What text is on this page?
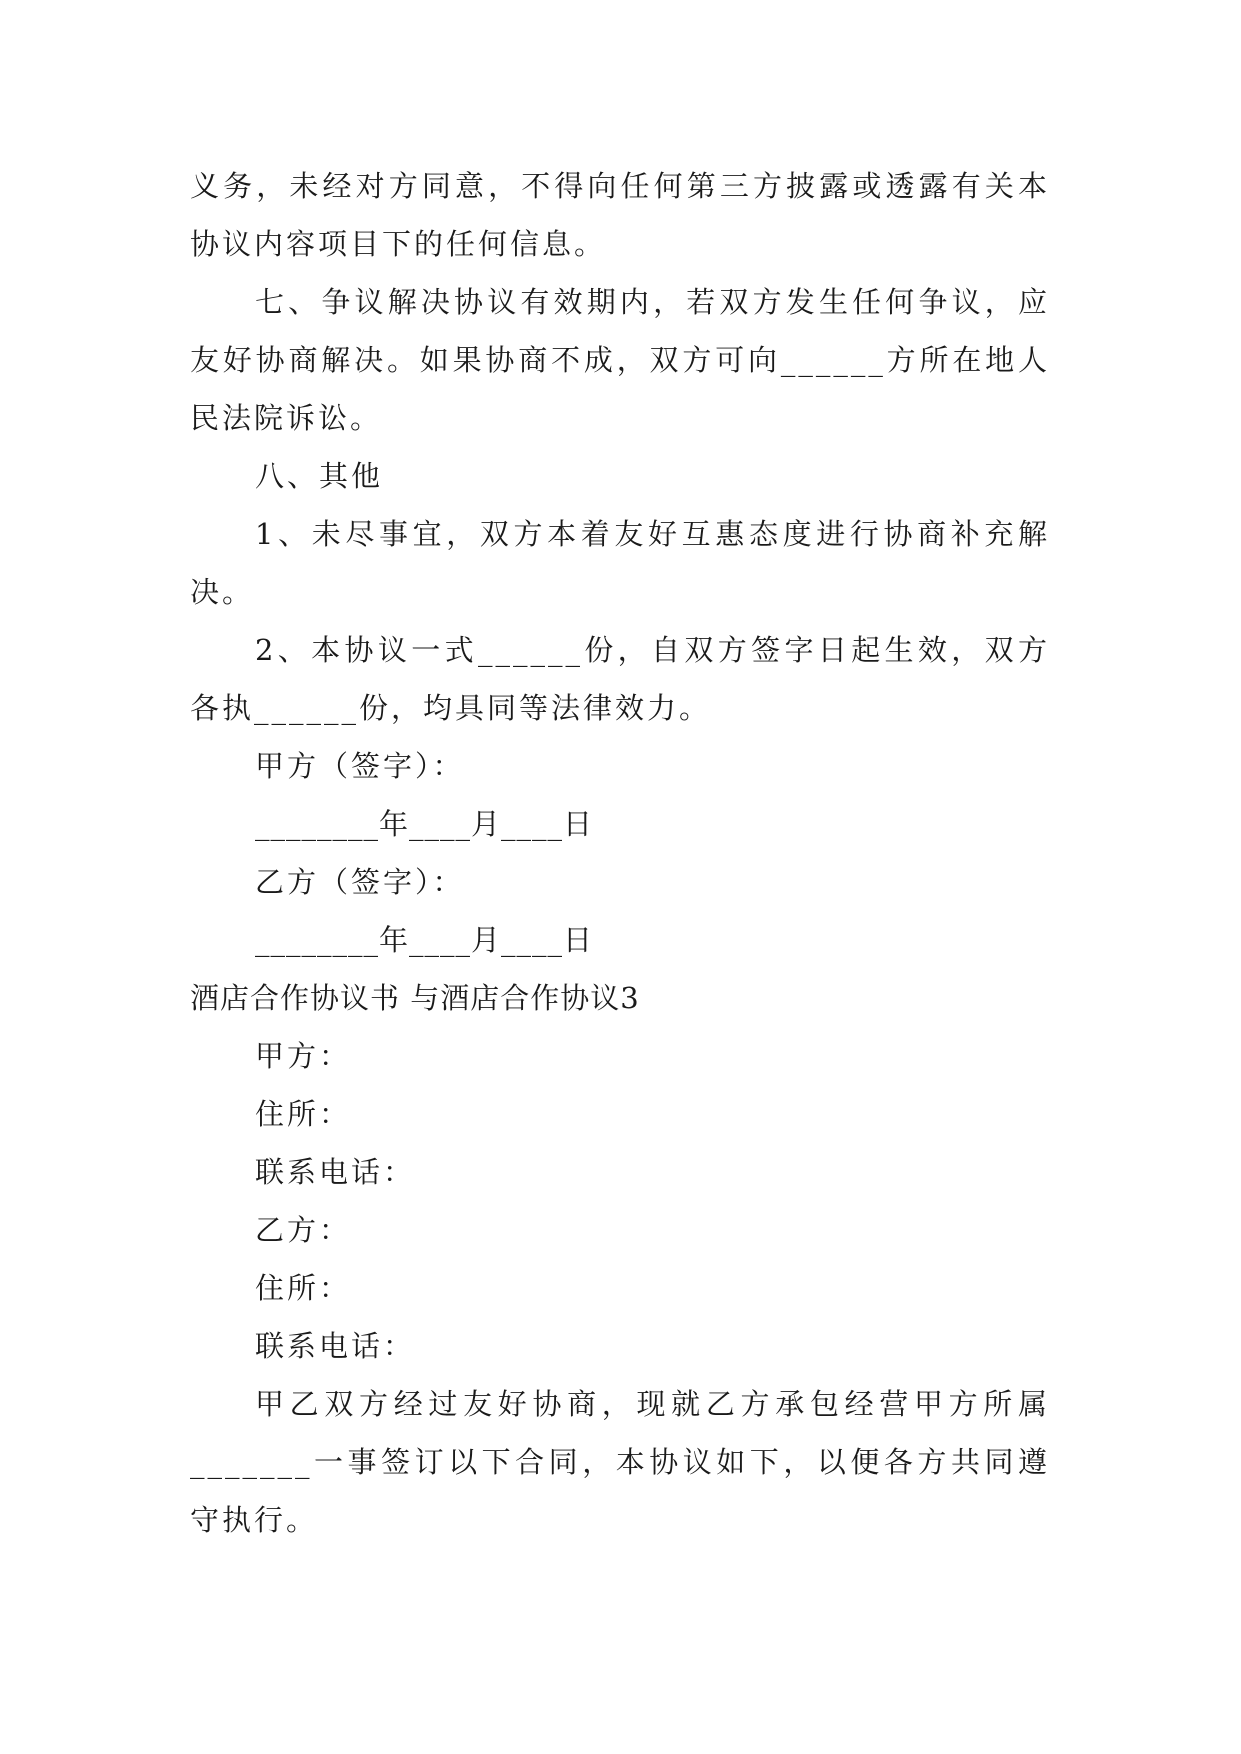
义务，未经对方同意，不得向任何第三方披露或透露有关本
协议内容项目下的任何信息。
七、争议解决协议有效期内，若双方发生任何争议，应
友好协商解决。如果协商不成，双方可向______方所在地人
民法院诉讼。
八、其他
1、未尽事宜，双方本着友好互惠态度进行协商补充解
决。
2、本协议一式______份，自双方签字日起生效，双方
各执______份，均具同等法律效力。
甲方（签字）：
________年____月____日
乙方（签字）：
________年____月____日
酒店合作协议书 与酒店合作协议3
甲方：
住所：
联系电话：
乙方：
住所：
联系电话：
甲乙双方经过友好协商，现就乙方承包经营甲方所属
_______一事签订以下合同，本协议如下，以便各方共同遵
守执行。
